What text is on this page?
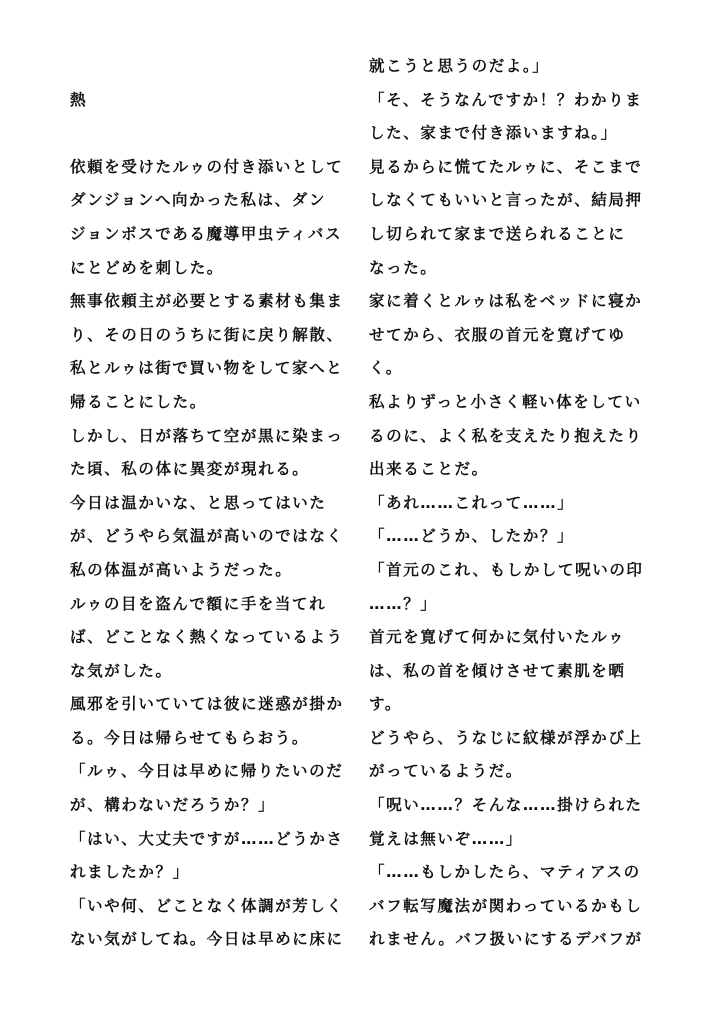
熱
依頼を受けたルゥの付き添いとして
ダンジョンへ向かった私は、ダン
ジョンボスである魔導甲虫ティバス
にとどめを刺した。
無事依頼主が必要とする素材も集ま
り、その日のうちに街に戻り解散、
私とルゥは街で買い物をして家へと
帰ることにした。
しかし、日が落ちて空が黒に染まっ
た頃、私の体に異変が現れる。
今日は温かいな、と思ってはいた
が、どうやら気温が高いのではなく
私の体温が高いようだった。
ルゥの目を盗んで額に手を当てれ
ば、どことなく熱くなっているよう
な気がした。
風邪を引いていては彼に迷惑が掛か
る。今日は帰らせてもらおう。
「ルゥ、今日は早めに帰りたいのだ
が、構わないだろうか？」
「はい、大丈夫ですが……どうかさ
れましたか？」
「いや何、どことなく体調が芳しく
ない気がしてね。今日は早めに床に
就こうと思うのだよ。」
「そ、そうなんですか！？わかりま
した、家まで付き添いますね。」
見るからに慌てたルゥに、そこまで
しなくてもいいと言ったが、結局押
し切られて家まで送られることに
なった。
家に着くとルゥは私をベッドに寝か
せてから、衣服の首元を寛げてゆ
く。
私よりずっと小さく軽い体をしてい
るのに、よく私を支えたり抱えたり
出来ることだ。
「あれ……これって……」
「……どうか、したか？」
「首元のこれ、もしかして呪いの印
……？」
首元を寛げて何かに気付いたルゥ
は、私の首を傾けさせて素肌を晒
す。
どうやら、うなじに紋様が浮かび上
がっているようだ。
「呪い……？そんな……掛けられた
覚えは無いぞ……」
「……もしかしたら、マティアスの
バフ転写魔法が関わっているかもし
れません。バフ扱いにするデバフが
